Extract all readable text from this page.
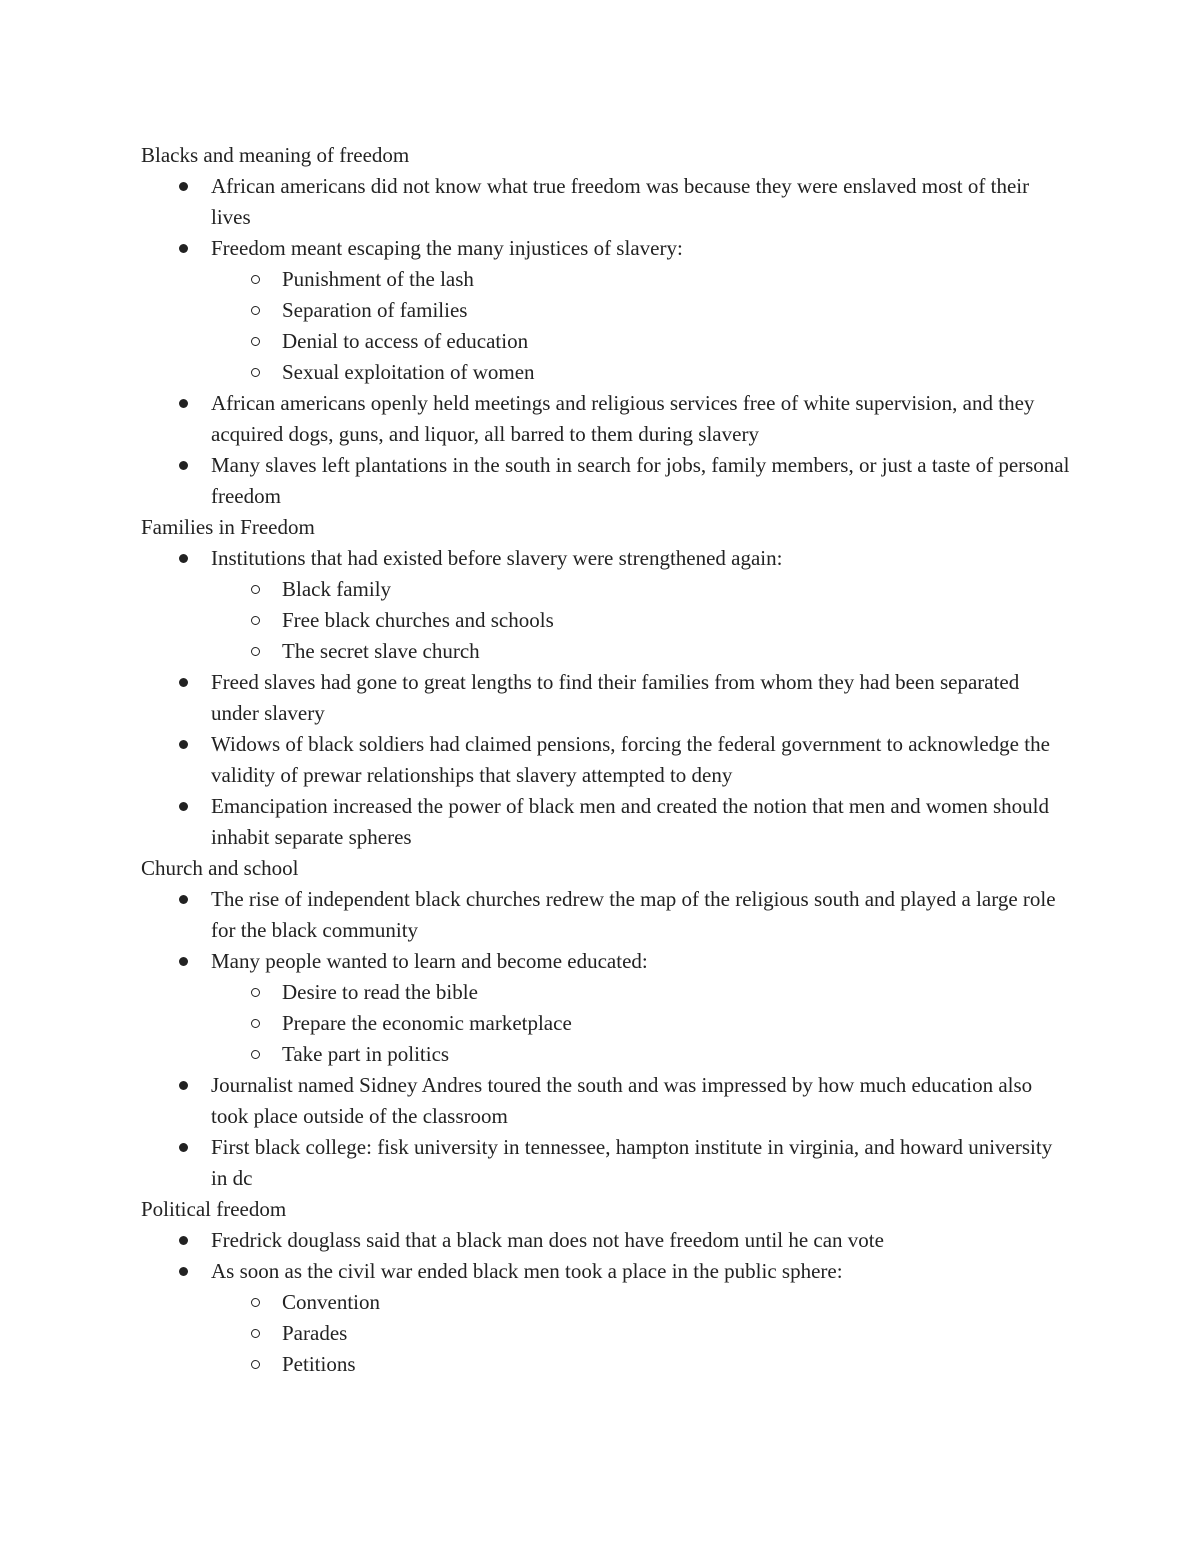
Blacks and meaning of freedom

African americans did not know what true freedom was because they were enslaved most of their lives
Freedom meant escaping the many injustices of slavery:
Punishment of the lash
Separation of families
Denial to access of education
Sexual exploitation of women
African americans openly held meetings and religious services free of white supervision, and they acquired dogs, guns, and liquor, all barred to them during slavery
Many slaves left plantations in the south in search for jobs, family members, or just a taste of personal freedom

Families in Freedom

Institutions that had existed before slavery were strengthened again:
Black family
Free black churches and schools
The secret slave church
Freed slaves had gone to great lengths to find their families from whom they had been separated under slavery
Widows of black soldiers had claimed pensions, forcing the federal government to acknowledge the validity of prewar relationships that slavery attempted to deny
Emancipation increased the power of black men and created the notion that men and women should inhabit separate spheres

Church and school

The rise of independent black churches redrew the map of the religious south and played a large role for the black community
Many people wanted to learn and become educated:
Desire to read the bible
Prepare the economic marketplace
Take part in politics
Journalist named Sidney Andres toured the south and was impressed by how much education also took place outside of the classroom
First black college: fisk university in tennessee, hampton institute in virginia, and howard university in dc

Political freedom

Fredrick douglass said that a black man does not have freedom until he can vote
As soon as the civil war ended black men took a place in the public sphere:
Convention
Parades
Petitions
